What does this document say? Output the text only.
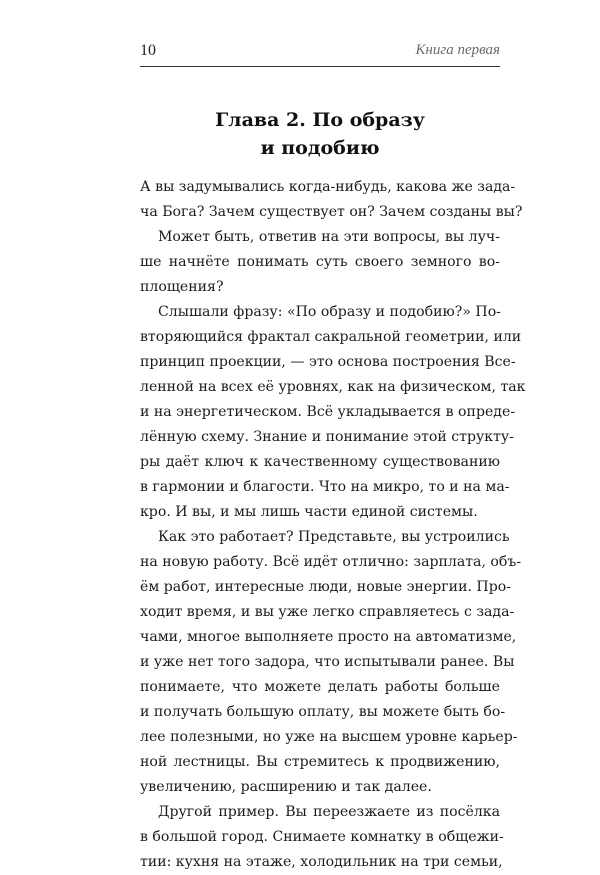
10	Книга первая
Глава 2. По образу
и подобию
А вы задумывались когда-нибудь, какова же зада-
ча Бога? Зачем существует он? Зачем созданы вы?
Может быть, ответив на эти вопросы, вы луч-
ше начнёте понимать суть своего земного во-
площения?
Слышали фразу: «По образу и подобию?» По-
вторяющийся фрактал сакральной геометрии, или
принцип проекции, — это основа построения Все-
ленной на всех её уровнях, как на физическом, так
и на энергетическом. Всё укладывается в опреде-
лённую схему. Знание и понимание этой структу-
ры даёт ключ к качественному существованию
в гармонии и благости. Что на микро, то и на ма-
кро. И вы, и мы лишь части единой системы.
Как это работает? Представьте, вы устроились
на новую работу. Всё идёт отлично: зарплата, объ-
ём работ, интересные люди, новые энергии. Про-
ходит время, и вы уже легко справляетесь с зада-
чами, многое выполняете просто на автоматизме,
и уже нет того задора, что испытывали ранее. Вы
понимаете, что можете делать работы больше
и получать большую оплату, вы можете быть бо-
лее полезными, но уже на высшем уровне карьер-
ной лестницы. Вы стремитесь к продвижению,
увеличению, расширению и так далее.
Другой пример. Вы переезжаете из посёлка
в большой город. Снимаете комнатку в общежи-
тии: кухня на этаже, холодильник на три семьи,
